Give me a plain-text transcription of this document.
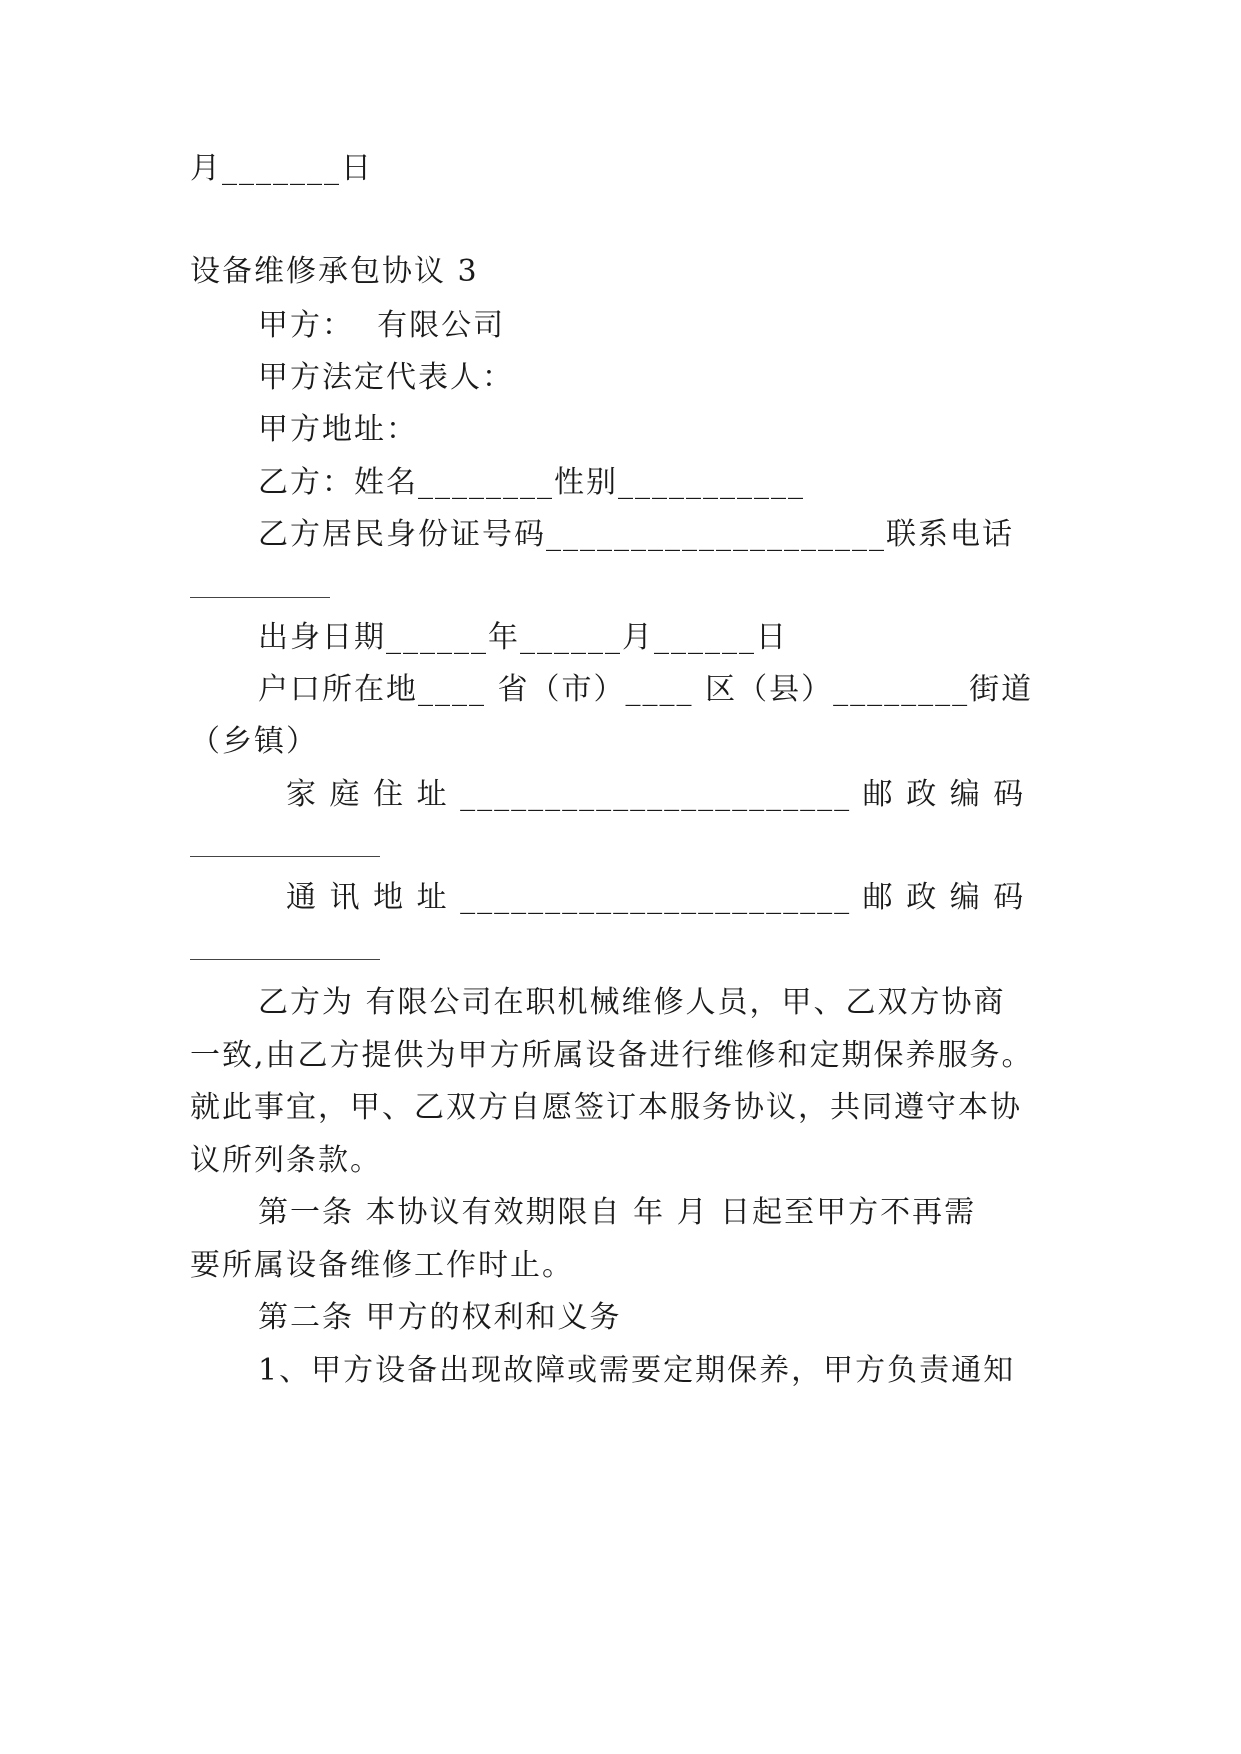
月_______日
设备维修承包协议 3
甲方：  有限公司
甲方法定代表人：
甲方地址：
乙方：姓名________性别___________
乙方居民身份证号码____________________联系电话
出身日期______年______月______日
户口所在地____ 省（市）____ 区（县）________街道
（乡镇）
家 庭 住 址 _______________________ 邮 政 编 码
通 讯 地 址 _______________________ 邮 政 编 码
乙方为 有限公司在职机械维修人员，甲、乙双方协商
一致,由乙方提供为甲方所属设备进行维修和定期保养服务。
就此事宜，甲、乙双方自愿签订本服务协议，共同遵守本协
议所列条款。
第一条 本协议有效期限自 年 月 日起至甲方不再需
要所属设备维修工作时止。
第二条 甲方的权利和义务
1、甲方设备出现故障或需要定期保养，甲方负责通知
